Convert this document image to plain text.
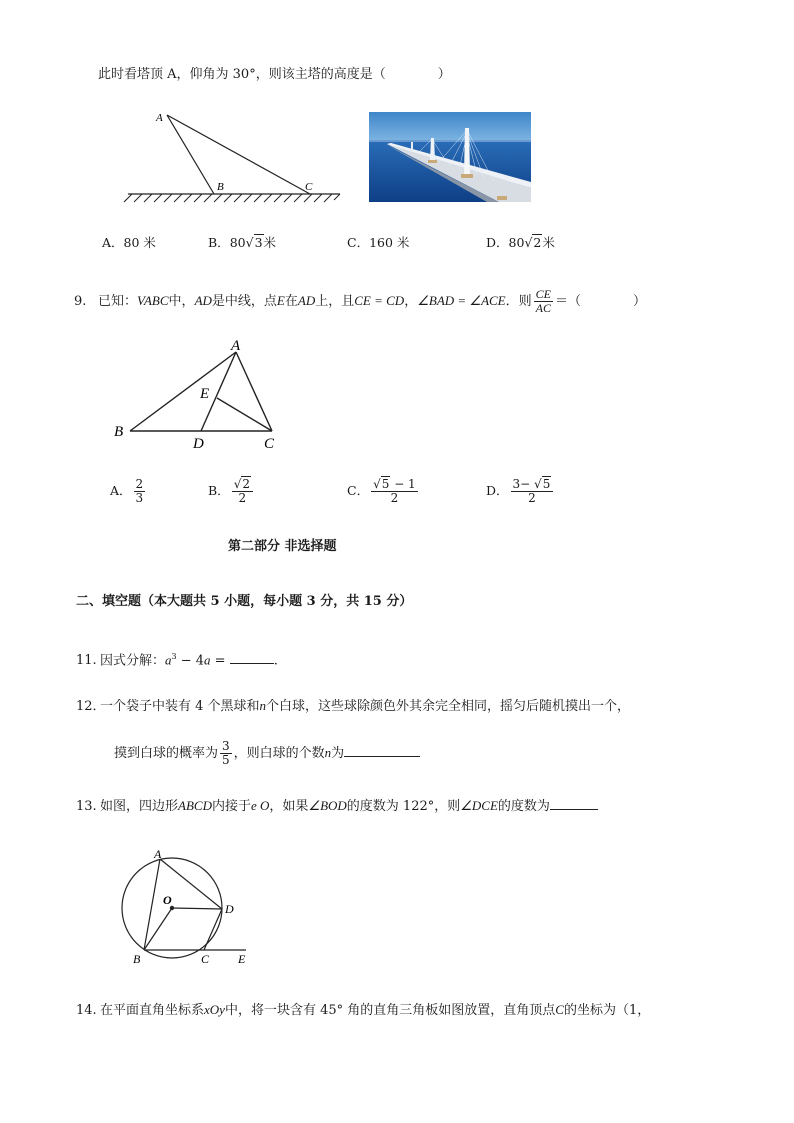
此时看塔顶 A，仰角为 30°，则该主塔的高度是（　　　　）
A
B	C
A．80 米	B．80√3米	C．160 米	D．80√2米
9. 已知：VABC中，AD是中线，点E在AD上，且CE = CD，∠BAD = ∠ACE．则 $\frac{CE}{AC}$ ＝（　　　　）
A
B
C
D
E
A． $\frac{2}{3}$	B． $\frac{√2}{2}$	C． $\frac{√5 - 1}{2}$	D． $\frac{3- √5}{2}$
第二部分 非选择题
二、填空题（本大题共 5 小题，每小题 3 分，共 15 分）
11. 因式分解：$a^3 - 4a$ =	.
12．一个袋子中装有 4 个黑球和n个白球，这些球除颜色外其余完全相同，摇匀后随机摸出一个，
摸到白球的概率为 $\frac{3}{5}$ ，则白球的个数n为
13. 如图，四边形ABCD内接于e O，如果∠BOD的度数为 122°，则∠DCE的度数为
A
B	C
D
E
O
14. 在平面直角坐标系xOy中，将一块含有 45° 角的直角三角板如图放置，直角顶点C的坐标为（1，
